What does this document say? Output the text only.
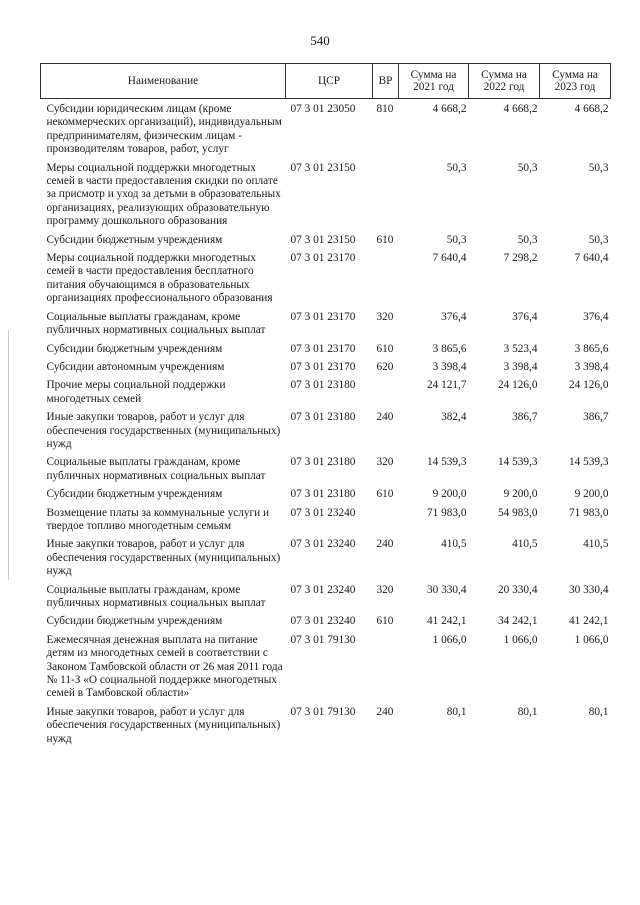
540
Наименование	ЦСР	ВР	Сумма на 2021 год	Сумма на 2022 год	Сумма на 2023 год
Субсидии юридическим лицам (кроме некоммерческих организаций), индивидуальным предпринимателям, физическим лицам - производителям товаров, работ, услуг	07 3 01 23050	810	4 668,2	4 668,2	4 668,2
Меры социальной поддержки многодетных семей в части предоставления скидки по оплате за присмотр и уход за детьми в образовательных организациях, реализующих образовательную программу дошкольного образования	07 3 01 23150		50,3	50,3	50,3
Субсидии бюджетным учреждениям	07 3 01 23150	610	50,3	50,3	50,3
Меры социальной поддержки многодетных семей в части предоставления бесплатного питания обучающимся в образовательных организациях профессионального образования	07 3 01 23170		7 640,4	7 298,2	7 640,4
Социальные выплаты гражданам, кроме публичных нормативных социальных выплат	07 3 01 23170	320	376,4	376,4	376,4
Субсидии бюджетным учреждениям	07 3 01 23170	610	3 865,6	3 523,4	3 865,6
Субсидии автономным учреждениям	07 3 01 23170	620	3 398,4	3 398,4	3 398,4
Прочие меры социальной поддержки многодетных семей	07 3 01 23180		24 121,7	24 126,0	24 126,0
Иные закупки товаров, работ и услуг для обеспечения государственных (муниципальных) нужд	07 3 01 23180	240	382,4	386,7	386,7
Социальные выплаты гражданам, кроме публичных нормативных социальных выплат	07 3 01 23180	320	14 539,3	14 539,3	14 539,3
Субсидии бюджетным учреждениям	07 3 01 23180	610	9 200,0	9 200,0	9 200,0
Возмещение платы за коммунальные услуги и твердое топливо многодетным семьям	07 3 01 23240		71 983,0	54 983,0	71 983,0
Иные закупки товаров, работ и услуг для обеспечения государственных (муниципальных) нужд	07 3 01 23240	240	410,5	410,5	410,5
Социальные выплаты гражданам, кроме публичных нормативных социальных выплат	07 3 01 23240	320	30 330,4	20 330,4	30 330,4
Субсидии бюджетным учреждениям	07 3 01 23240	610	41 242,1	34 242,1	41 242,1
Ежемесячная денежная выплата на питание детям из многодетных семей в соответствии с Законом Тамбовской области от 26 мая 2011 года № 11-З «О социальной поддержке многодетных семей в Тамбовской области»	07 3 01 79130		1 066,0	1 066,0	1 066,0
Иные закупки товаров, работ и услуг для обеспечения государственных (муниципальных) нужд	07 3 01 79130	240	80,1	80,1	80,1
